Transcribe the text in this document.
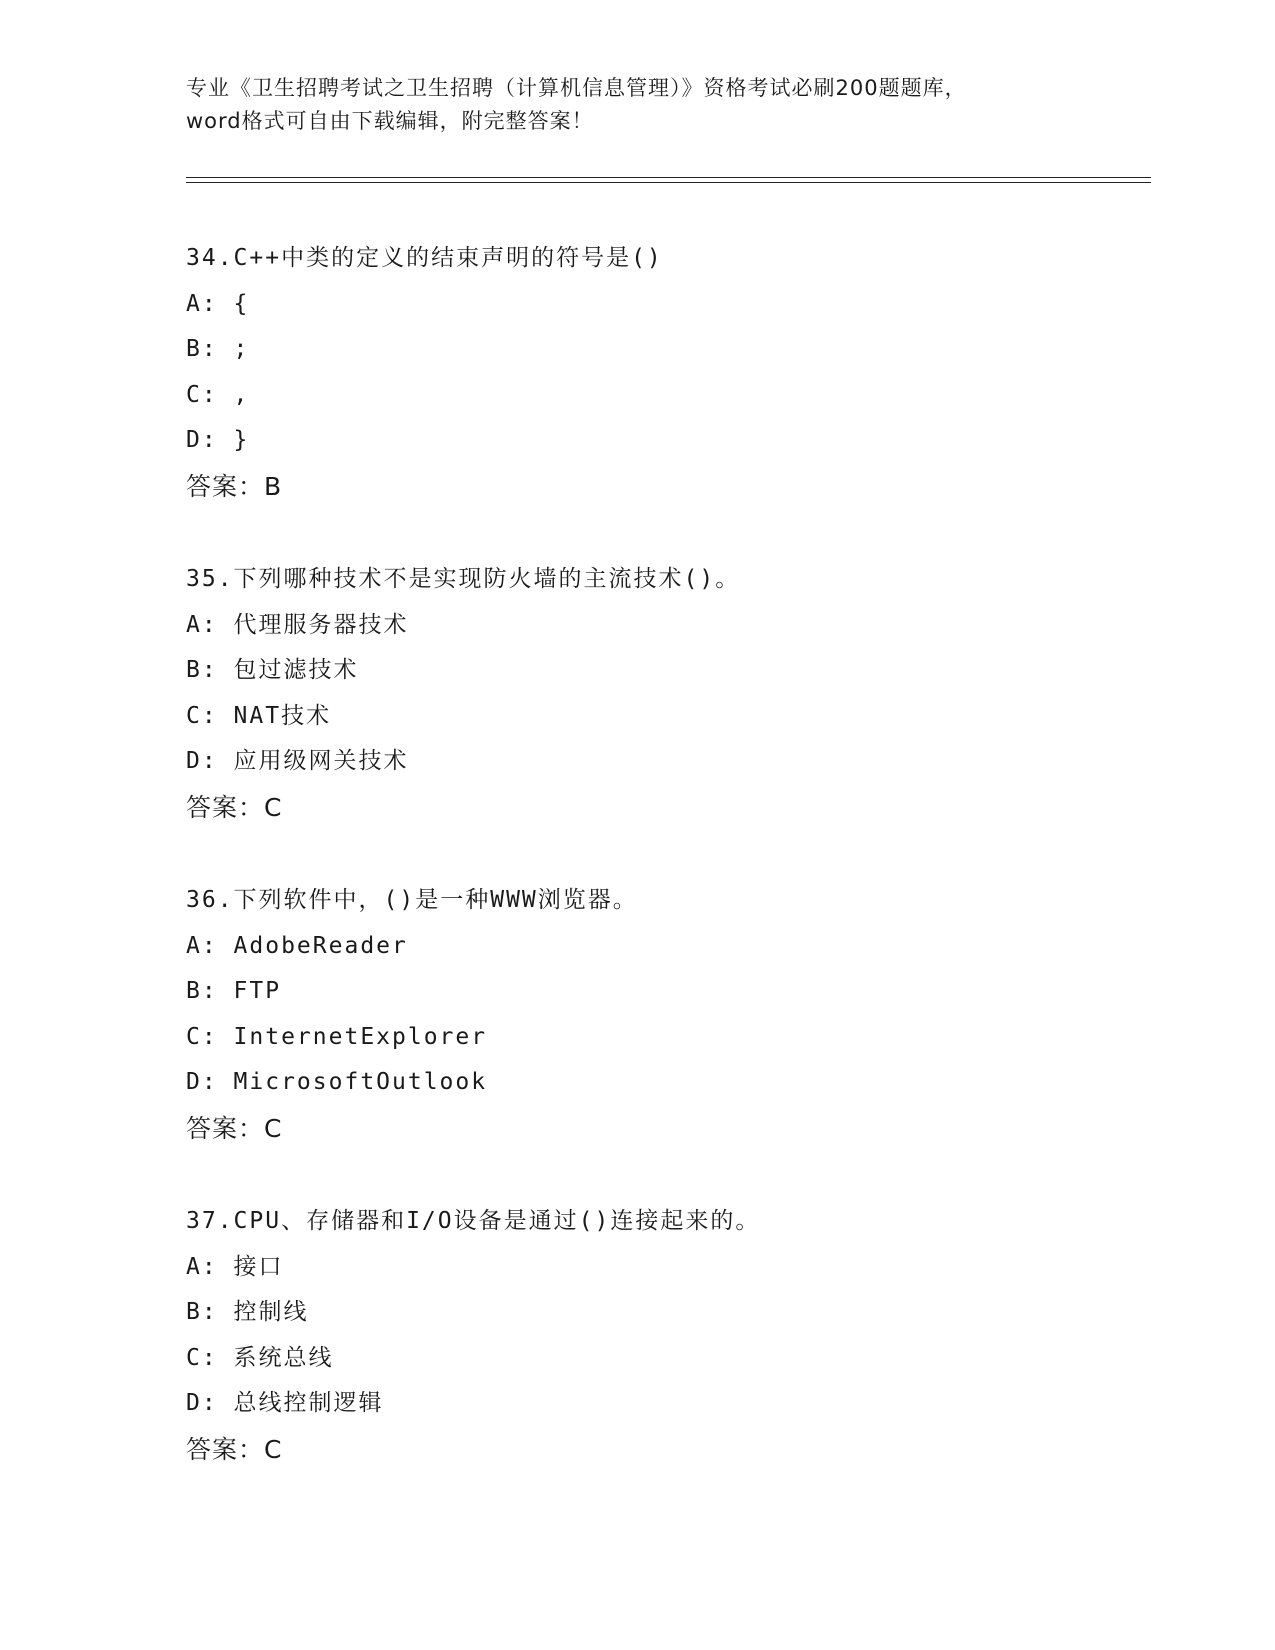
专业《卫生招聘考试之卫生招聘（计算机信息管理）》资格考试必刷200题题库，
word格式可自由下载编辑，附完整答案！
34.C++中类的定义的结束声明的符号是()
A: {
B: ;
C: ,
D: }
答案：B
35.下列哪种技术不是实现防火墙的主流技术()。
A: 代理服务器技术
B: 包过滤技术
C: NAT技术
D: 应用级网关技术
答案：C
36.下列软件中，()是一种WWW浏览器。
A: AdobeReader
B: FTP
C: InternetExplorer
D: MicrosoftOutlook
答案：C
37.CPU、存储器和I/O设备是通过()连接起来的。
A: 接口
B: 控制线
C: 系统总线
D: 总线控制逻辑
答案：C
